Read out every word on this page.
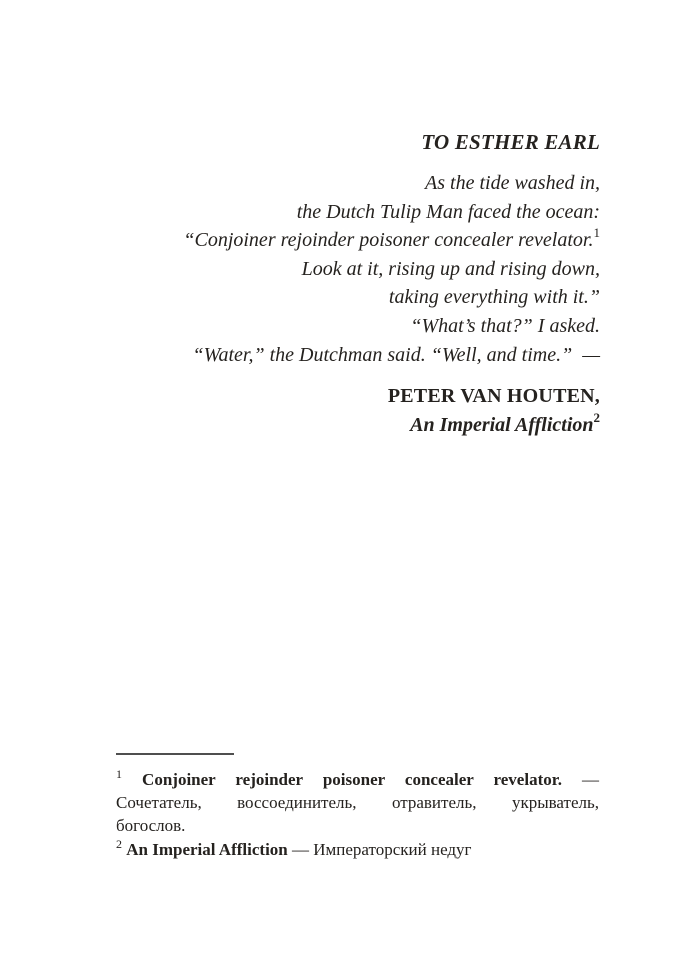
TO ESTHER EARL
As the tide washed in,
the Dutch Tulip Man faced the ocean:
“Conjoiner rejoinder poisoner concealer revelator.$^1$
Look at it, rising up and rising down,
taking everything with it.”
“What’s that?” I asked.
“Water,” the Dutchman said. “Well, and time.”  —
PETER VAN HOUTEN,
An Imperial Affliction$^2$
$^1$ Conjoiner rejoinder poisoner concealer revelator. —
Сочетатель, воссоединитель, отравитель, укрыватель,
богослов.
$^2$ An Imperial Affliction — Императорский недуг
